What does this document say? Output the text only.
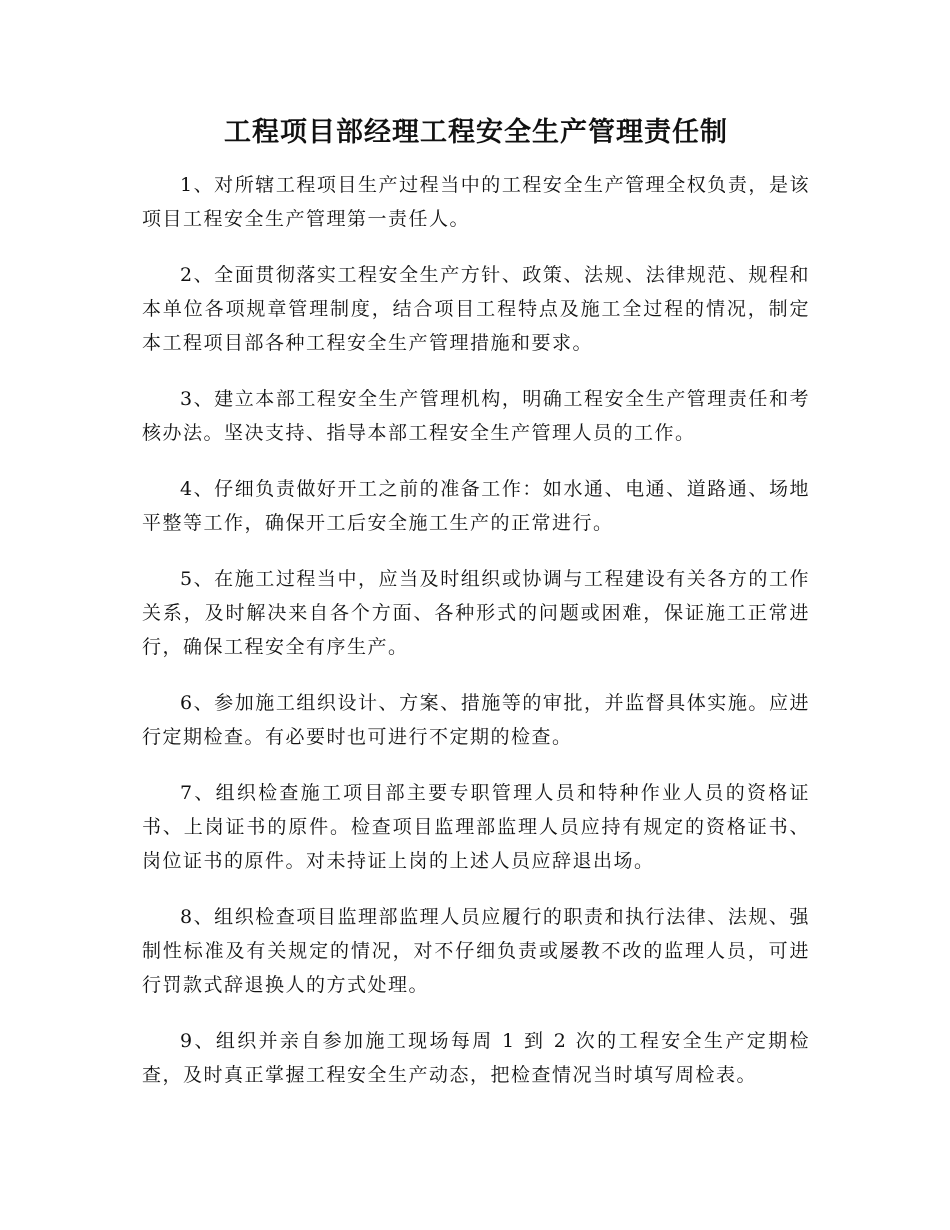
工程项目部经理工程安全生产管理责任制

1、对所辖工程项目生产过程当中的工程安全生产管理全权负责，是该项目工程安全生产管理第一责任人。

2、全面贯彻落实工程安全生产方针、政策、法规、法律规范、规程和本单位各项规章管理制度，结合项目工程特点及施工全过程的情况，制定本工程项目部各种工程安全生产管理措施和要求。

3、建立本部工程安全生产管理机构，明确工程安全生产管理责任和考核办法。坚决支持、指导本部工程安全生产管理人员的工作。

4、仔细负责做好开工之前的准备工作：如水通、电通、道路通、场地平整等工作，确保开工后安全施工生产的正常进行。

5、在施工过程当中，应当及时组织或协调与工程建设有关各方的工作关系，及时解决来自各个方面、各种形式的问题或困难，保证施工正常进行，确保工程安全有序生产。

6、参加施工组织设计、方案、措施等的审批，并监督具体实施。应进行定期检查。有必要时也可进行不定期的检查。

7、组织检查施工项目部主要专职管理人员和特种作业人员的资格证书、上岗证书的原件。检查项目监理部监理人员应持有规定的资格证书、岗位证书的原件。对未持证上岗的上述人员应辞退出场。

8、组织检查项目监理部监理人员应履行的职责和执行法律、法规、强制性标准及有关规定的情况，对不仔细负责或屡教不改的监理人员，可进行罚款式辞退换人的方式处理。

9、组织并亲自参加施工现场每周 1 到 2 次的工程安全生产定期检查，及时真正掌握工程安全生产动态，把检查情况当时填写周检表。
